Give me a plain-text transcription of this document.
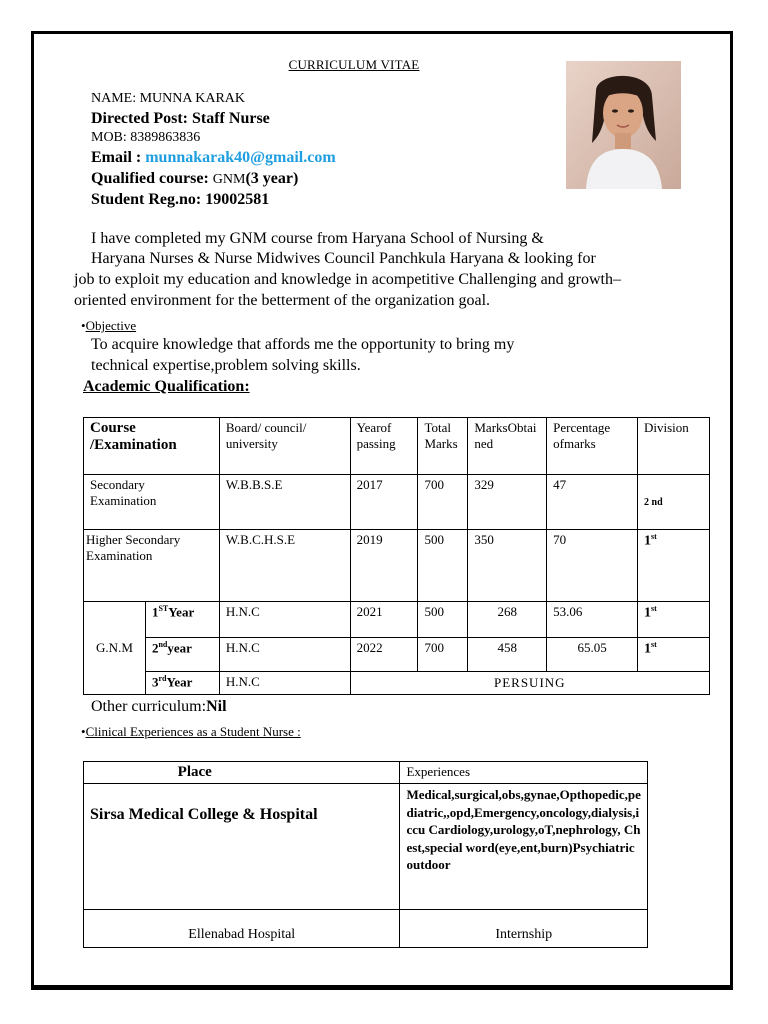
CURRICULUM VITAE
NAME: MUNNA KARAK
Directed Post: Staff Nurse
MOB: 8389863836
Email : munnakarak40@gmail.com
Qualified course: GNM(3 year)
Student Reg.no: 19002581
I have completed my GNM course from Haryana School of Nursing &
Haryana Nurses & Nurse Midwives Council Panchkula Haryana & looking for
job to exploit my education and knowledge in acompetitive Challenging and growth–
oriented environment for the betterment of the organization goal.
•Objective
To acquire knowledge that affords me the opportunity to bring my
technical expertise,problem solving skills.
Academic Qualification:
Course /Examination		Board/ council/ university	Yearof passing	Total Marks	MarksObtained	Percentage ofmarks	Division
Secondary Examination		W.B.B.S.E	2017	700	329	47	2 nd
Higher Secondary Examination		W.B.C.H.S.E	2019	500	350	70	1st
G.N.M	1STYear	H.N.C	2021	500	268	53.06	1st
	2ndyear	H.N.C	2022	700	458	65.05	1st
	3rdYear	H.N.C	PERSUING				
Other curriculum:Nil
•Clinical Experiences as a Student Nurse :
Place	Experiences
Sirsa Medical College & Hospital	Medical,surgical,obs,gynae,Opthopedic,pediatric,,opd,Emergency,oncology,dialysis,iccu Cardiology,urology,oT,nephrology, Chest,special word(eye,ent,burn)Psychiatric outdoor
Ellenabad Hospital	Internship
